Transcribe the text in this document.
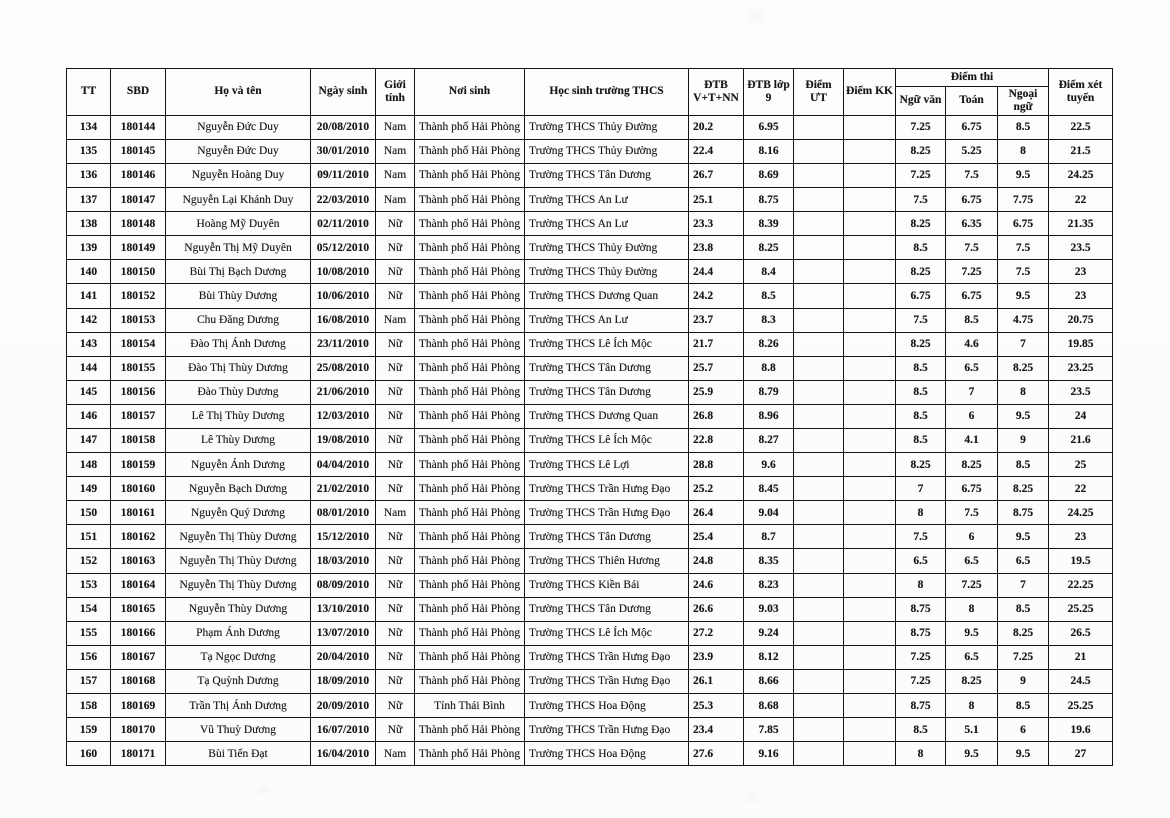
TT	SBD	Họ và tên	Ngày sinh	Giới tính	Nơi sinh	Học sinh trường THCS	ĐTB V+T+NN	ĐTB lớp 9	Điểm ƯT	Điểm KK	Điểm thi			Điểm xét tuyển
											Ngữ văn	Toán	Ngoại ngữ	
134	180144	Nguyễn Đức Duy	20/08/2010	Nam	Thành phố Hải Phòng	Trường THCS Thủy Đường	20.2	6.95			7.25	6.75	8.5	22.5
135	180145	Nguyễn Đức Duy	30/01/2010	Nam	Thành phố Hải Phòng	Trường THCS Thủy Đường	22.4	8.16			8.25	5.25	8	21.5
136	180146	Nguyễn Hoàng Duy	09/11/2010	Nam	Thành phố Hải Phòng	Trường THCS Tân Dương	26.7	8.69			7.25	7.5	9.5	24.25
137	180147	Nguyễn Lại Khánh Duy	22/03/2010	Nam	Thành phố Hải Phòng	Trường THCS An Lư	25.1	8.75			7.5	6.75	7.75	22
138	180148	Hoàng Mỹ Duyên	02/11/2010	Nữ	Thành phố Hải Phòng	Trường THCS An Lư	23.3	8.39			8.25	6.35	6.75	21.35
139	180149	Nguyễn Thị Mỹ Duyên	05/12/2010	Nữ	Thành phố Hải Phòng	Trường THCS Thủy Đường	23.8	8.25			8.5	7.5	7.5	23.5
140	180150	Bùi Thị Bạch Dương	10/08/2010	Nữ	Thành phố Hải Phòng	Trường THCS Thủy Đường	24.4	8.4			8.25	7.25	7.5	23
141	180152	Bùi Thùy Dương	10/06/2010	Nữ	Thành phố Hải Phòng	Trường THCS Dương Quan	24.2	8.5			6.75	6.75	9.5	23
142	180153	Chu Đăng Dương	16/08/2010	Nam	Thành phố Hải Phòng	Trường THCS An Lư	23.7	8.3			7.5	8.5	4.75	20.75
143	180154	Đào Thị Ánh Dương	23/11/2010	Nữ	Thành phố Hải Phòng	Trường THCS Lê Ích Mộc	21.7	8.26			8.25	4.6	7	19.85
144	180155	Đào Thị Thùy Dương	25/08/2010	Nữ	Thành phố Hải Phòng	Trường THCS Tân Dương	25.7	8.8			8.5	6.5	8.25	23.25
145	180156	Đào Thùy Dương	21/06/2010	Nữ	Thành phố Hải Phòng	Trường THCS Tân Dương	25.9	8.79			8.5	7	8	23.5
146	180157	Lê Thị Thùy Dương	12/03/2010	Nữ	Thành phố Hải Phòng	Trường THCS Dương Quan	26.8	8.96			8.5	6	9.5	24
147	180158	Lê Thùy Dương	19/08/2010	Nữ	Thành phố Hải Phòng	Trường THCS Lê Ích Mộc	22.8	8.27			8.5	4.1	9	21.6
148	180159	Nguyễn Ánh Dương	04/04/2010	Nữ	Thành phố Hải Phòng	Trường THCS Lê Lợi	28.8	9.6			8.25	8.25	8.5	25
149	180160	Nguyễn Bạch Dương	21/02/2010	Nữ	Thành phố Hải Phòng	Trường THCS Trần Hưng Đạo	25.2	8.45			7	6.75	8.25	22
150	180161	Nguyễn Quý Dương	08/01/2010	Nam	Thành phố Hải Phòng	Trường THCS Trần Hưng Đạo	26.4	9.04			8	7.5	8.75	24.25
151	180162	Nguyễn Thị Thùy Dương	15/12/2010	Nữ	Thành phố Hải Phòng	Trường THCS Tân Dương	25.4	8.7			7.5	6	9.5	23
152	180163	Nguyễn Thị Thùy Dương	18/03/2010	Nữ	Thành phố Hải Phòng	Trường THCS Thiên Hương	24.8	8.35			6.5	6.5	6.5	19.5
153	180164	Nguyễn Thị Thùy Dương	08/09/2010	Nữ	Thành phố Hải Phòng	Trường THCS Kiền Bái	24.6	8.23			8	7.25	7	22.25
154	180165	Nguyễn Thùy Dương	13/10/2010	Nữ	Thành phố Hải Phòng	Trường THCS Tân Dương	26.6	9.03			8.75	8	8.5	25.25
155	180166	Phạm Ánh Dương	13/07/2010	Nữ	Thành phố Hải Phòng	Trường THCS Lê Ích Mộc	27.2	9.24			8.75	9.5	8.25	26.5
156	180167	Tạ Ngọc Dương	20/04/2010	Nữ	Thành phố Hải Phòng	Trường THCS Trần Hưng Đạo	23.9	8.12			7.25	6.5	7.25	21
157	180168	Tạ Quỳnh Dương	18/09/2010	Nữ	Thành phố Hải Phòng	Trường THCS Trần Hưng Đạo	26.1	8.66			7.25	8.25	9	24.5
158	180169	Trần Thị Ánh Dương	20/09/2010	Nữ	Tỉnh Thái Bình	Trường THCS Hoa Động	25.3	8.68			8.75	8	8.5	25.25
159	180170	Vũ Thuỳ Dương	16/07/2010	Nữ	Thành phố Hải Phòng	Trường THCS Trần Hưng Đạo	23.4	7.85			8.5	5.1	6	19.6
160	180171	Bùi Tiến Đạt	16/04/2010	Nam	Thành phố Hải Phòng	Trường THCS Hoa Động	27.6	9.16			8	9.5	9.5	27
